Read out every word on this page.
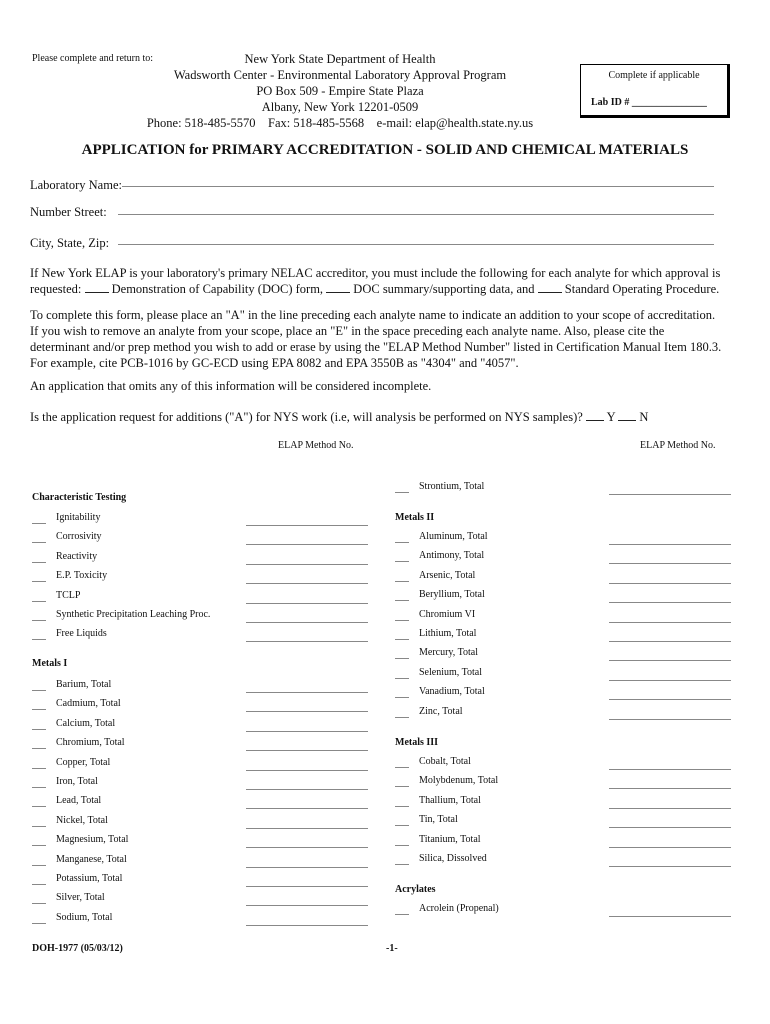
Please complete and return to:	New York State Department of Health
Wadsworth Center - Environmental Laboratory Approval Program
PO Box 509 - Empire State Plaza
Albany, New York 12201-0509
Phone: 518-485-5570    Fax: 518-485-5568    e-mail: elap@health.state.ny.us
Complete if applicable
Lab ID # _______________
APPLICATION for PRIMARY ACCREDITATION - SOLID AND CHEMICAL MATERIALS
Laboratory Name:
Number Street:
City, State, Zip:
If New York ELAP is your laboratory's primary NELAC accreditor, you must include the following for each analyte for which approval is
requested: Demonstration of Capability (DOC) form, DOC summary/supporting data, and Standard Operating Procedure.
To complete this form, please place an "A" in the line preceding each analyte name to indicate an addition to your scope of accreditation.
If you wish to remove an analyte from your scope, place an "E" in the space preceding each analyte name. Also, please cite the
determinant and/or prep method you wish to add or erase by using the "ELAP Method Number" listed in Certification Manual Item 180.3.
For example, cite PCB-1016 by GC-ECD using EPA 8082 and EPA 3550B as "4304" and "4057".
An application that omits any of this information will be considered incomplete.
Is the application request for additions ("A") for NYS work (i.e, will analysis be performed on NYS samples)? Y N
ELAP Method No.	ELAP Method No.
Characteristic Testing
Ignitability
Corrosivity
Reactivity
E.P. Toxicity
TCLP
Synthetic Precipitation Leaching Proc.
Free Liquids
Metals I
Barium, Total
Cadmium, Total
Calcium, Total
Chromium, Total
Copper, Total
Iron, Total
Lead, Total
Nickel, Total
Magnesium, Total
Manganese, Total
Potassium, Total
Silver, Total
Sodium, Total
Strontium, Total
Metals II
Aluminum, Total
Antimony, Total
Arsenic, Total
Beryllium, Total
Chromium VI
Lithium, Total
Mercury, Total
Selenium, Total
Vanadium, Total
Zinc, Total
Metals III
Cobalt, Total
Molybdenum, Total
Thallium, Total
Tin, Total
Titanium, Total
Silica, Dissolved
Acrylates
Acrolein (Propenal)
DOH-1977 (05/03/12)	-1-
